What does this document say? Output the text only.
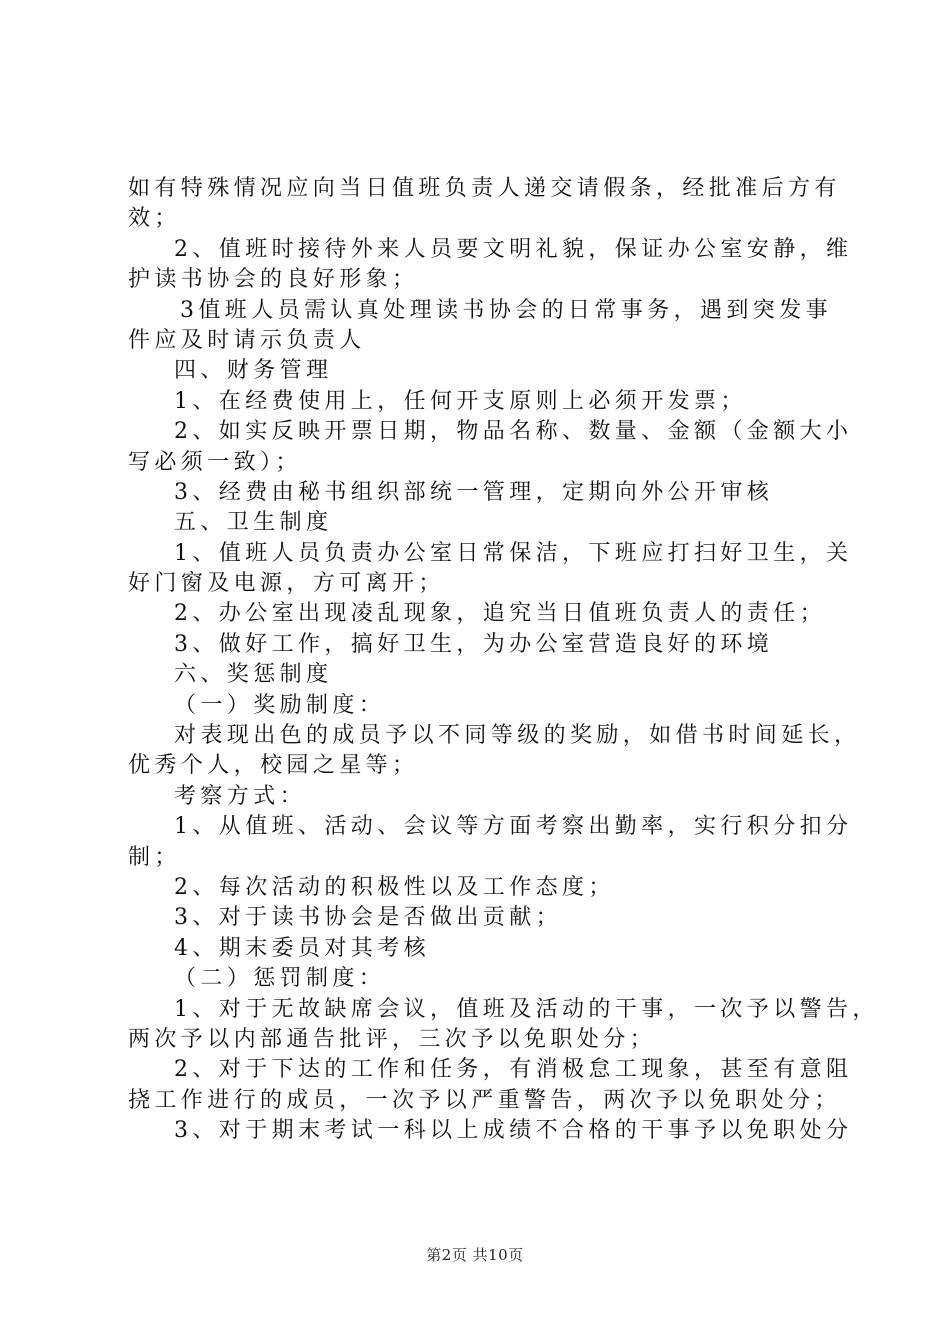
如有特殊情况应向当日值班负责人递交请假条，经批准后方有
效；
2、值班时接待外来人员要文明礼貌，保证办公室安静，维
护读书协会的良好形象；
3值班人员需认真处理读书协会的日常事务，遇到突发事
件应及时请示负责人
四、财务管理
1、在经费使用上，任何开支原则上必须开发票；
2、如实反映开票日期，物品名称、数量、金额（金额大小
写必须一致）；
3、经费由秘书组织部统一管理，定期向外公开审核
五、卫生制度
1、值班人员负责办公室日常保洁，下班应打扫好卫生，关
好门窗及电源，方可离开；
2、办公室出现凌乱现象，追究当日值班负责人的责任；
3、做好工作，搞好卫生，为办公室营造良好的环境
六、奖惩制度
（一）奖励制度：
对表现出色的成员予以不同等级的奖励，如借书时间延长，
优秀个人，校园之星等；
考察方式：
1、从值班、活动、会议等方面考察出勤率，实行积分扣分
制；
2、每次活动的积极性以及工作态度；
3、对于读书协会是否做出贡献；
4、期末委员对其考核
（二）惩罚制度：
1、对于无故缺席会议，值班及活动的干事，一次予以警告，
两次予以内部通告批评，三次予以免职处分；
2、对于下达的工作和任务，有消极怠工现象，甚至有意阻
挠工作进行的成员，一次予以严重警告，两次予以免职处分；
3、对于期末考试一科以上成绩不合格的干事予以免职处分
第2页 共10页
